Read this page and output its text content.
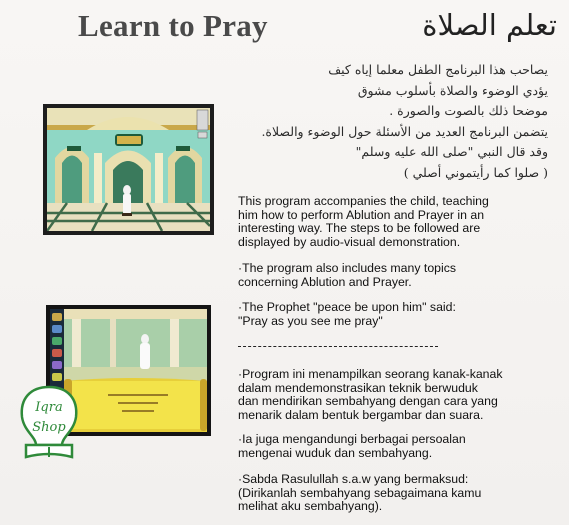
Learn to Pray	تعلم الصلاة
يصاحب هذا البرنامج الطفل معلما إياه كيف
يؤدي الوضوء والصلاة بأسلوب مشوق
موضحا ذلك بالصوت والصورة .
يتضمن البرنامج العديد من الأسئلة حول الوضوء والصلاة.
وقد قال النبي "صلى الله عليه وسلم"
( صلوا كما رأيتموني أصلي )
Iqra
Shop

This program accompanies the child, teaching

him how to perform Ablution and Prayer in an

interesting way. The steps to be followed are

displayed by audio-visual demonstration.

·The program also includes many topics

concerning Ablution and Prayer.

·The Prophet "peace be upon him" said:

"Pray as you see me pray"

·Program ini menampilkan seorang kanak-kanak

dalam mendemonstrasikan teknik berwuduk

dan mendirikan sembahyang dengan cara yang

menarik dalam bentuk bergambar dan suara.

·Ia juga mengandungi berbagai persoalan

mengenai wuduk dan sembahyang.

·Sabda Rasulullah s.a.w yang bermaksud:

(Dirikanlah sembahyang sebagaimana kamu

melihat aku sembahyang).
